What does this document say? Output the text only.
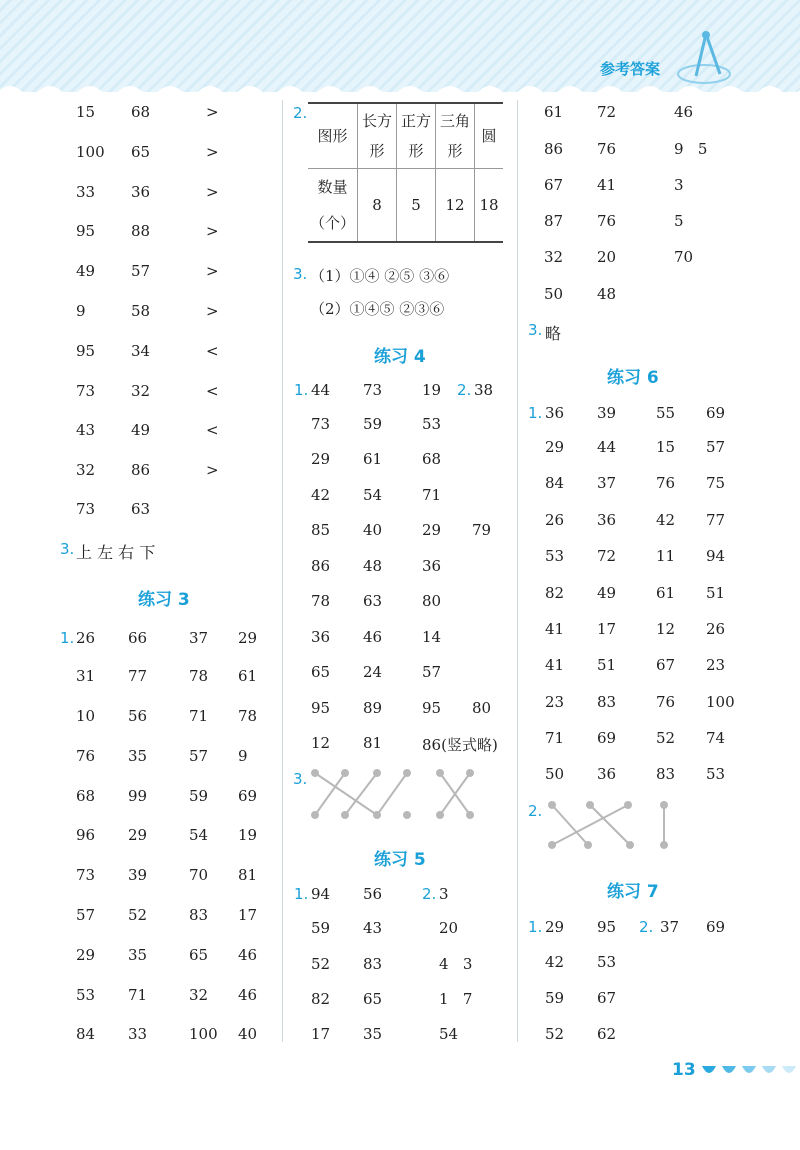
参考答案
15 68	>
100 65	>
33 36	>
95 88	>
49 57	>
9	58	>
95 34	<
73 32	<
43 49	<
32 86	>
73 63
3. 上 左 右 下
练习 3
1. 26 66	37 29
31 77	78 61
10 56	71 78
76 35	57 9
68 99	59 69
96 29	54 19
73 39	70 81
57 52	83 17
29 35	65 46
53 71	32 46
84 33	100 40
2.
图形	长方形	正方形	三角形	圆
数量（个）	8	5	12	18
3. （1）①④ ②⑤ ③⑥
（2）①④⑤ ②③⑥
练习 4
1. 44 73	19 2. 38
73 59	53
29 61	68
42 54	71
85 40	29 79
86 48	36
78 63	80
36 46	14
65 24	57
95 89	95 80
12 81	86(竖式略)
3.
练习 5
1. 94 56	2. 3
59 43	20
52 83	4   3
82 65	1   7
17 35	54
61 72	46
86 76	9   5
67 41	3
87 76	5
32 20	70
50 48
3. 略
练习 6
1. 36 39	55 69
29 44	15 57
84 37	76 75
26 36	42 77
53 72	11 94
82 49	61 51
41 17	12 26
41 51	67 23
23 83	76 100
71 69	52 74
50 36	83 53
2.
练习 7
1. 29 95 2. 37 69
42 53
59 67
52 62
13
